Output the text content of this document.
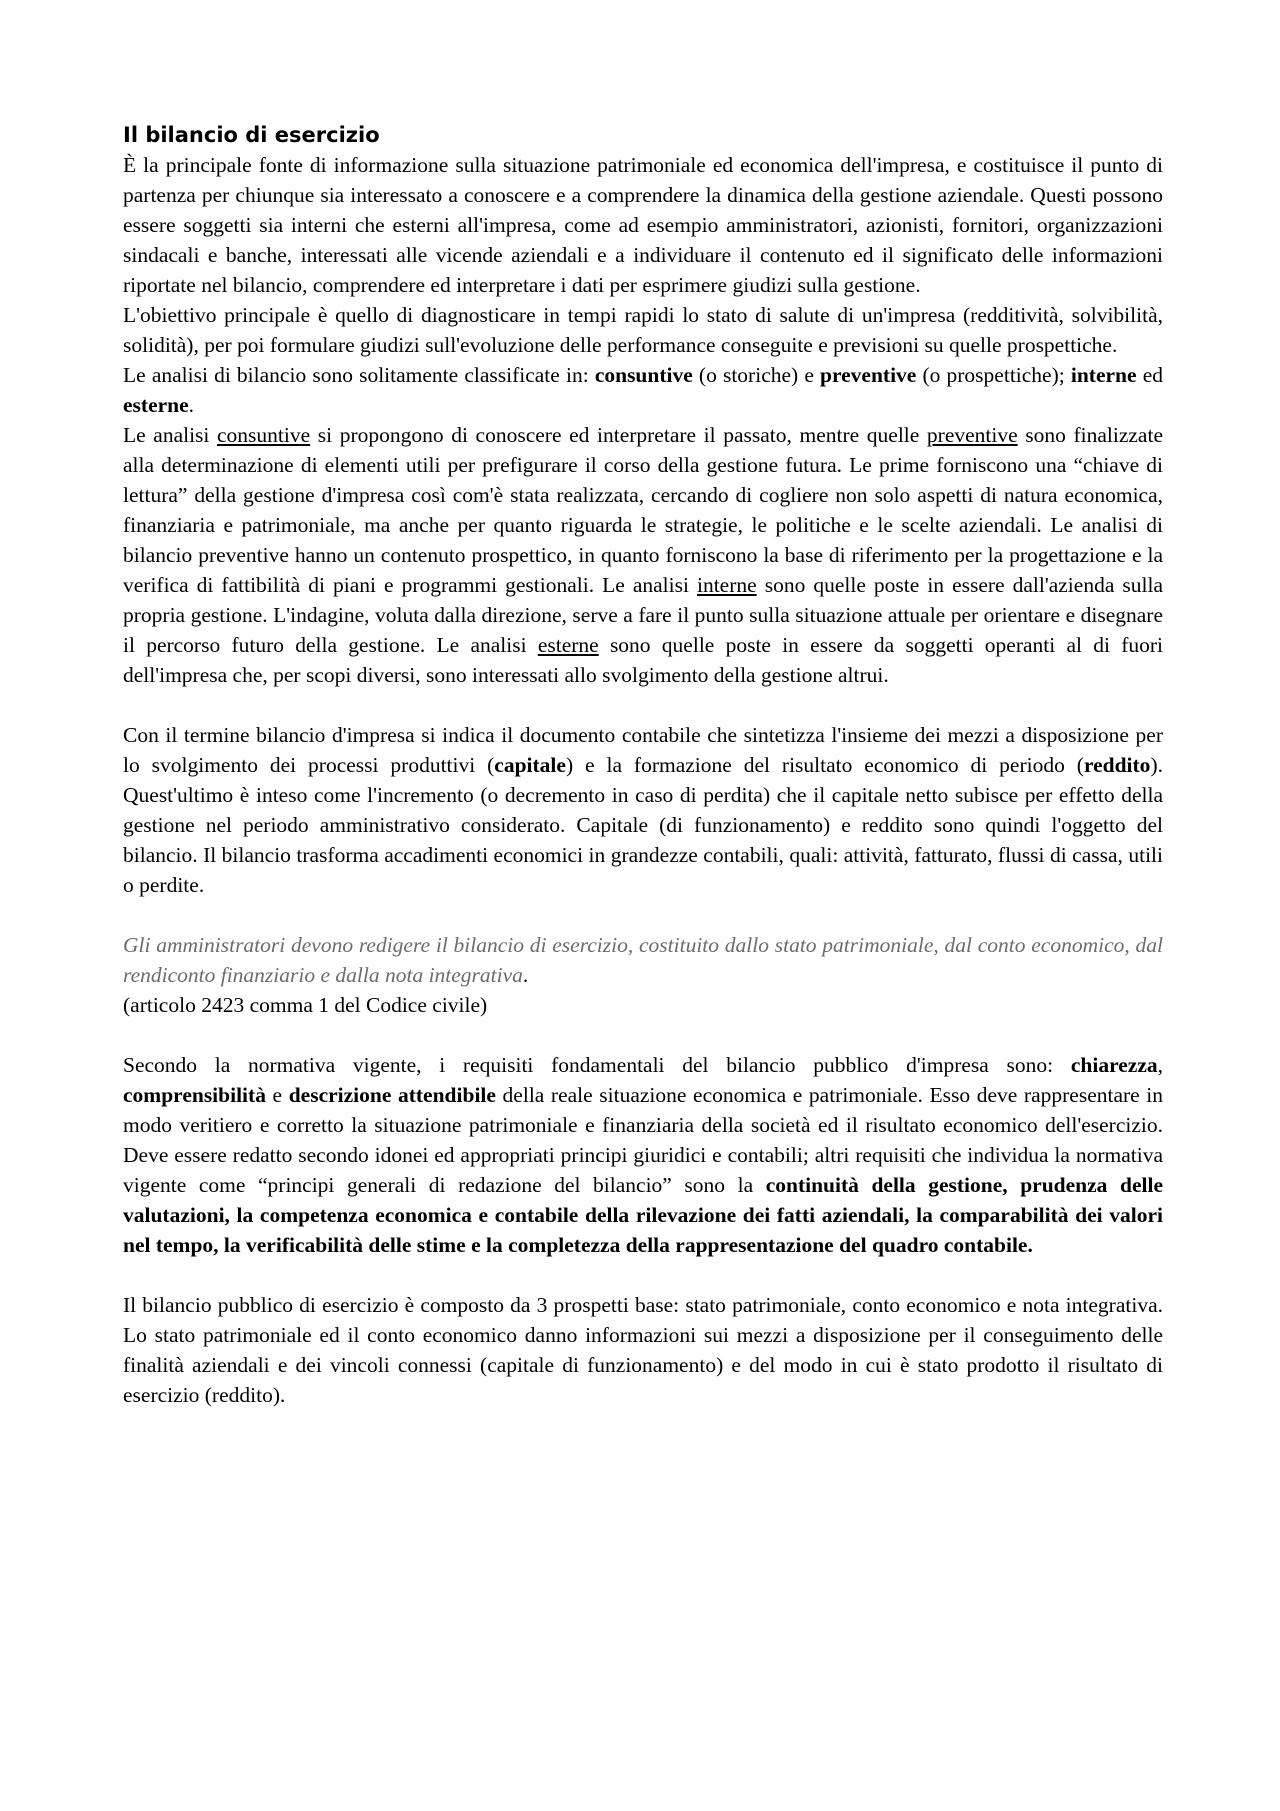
Il bilancio di esercizio

È la principale fonte di informazione sulla situazione patrimoniale ed economica dell'impresa, e costituisce il punto di partenza per chiunque sia interessato a conoscere e a comprendere la dinamica della gestione aziendale. Questi possono essere soggetti sia interni che esterni all'impresa, come ad esempio amministratori, azionisti, fornitori, organizzazioni sindacali e banche, interessati alle vicende aziendali e a individuare il contenuto ed il significato delle informazioni riportate nel bilancio, comprendere ed interpretare i dati per esprimere giudizi sulla gestione.

L'obiettivo principale è quello di diagnosticare in tempi rapidi lo stato di salute di un'impresa (redditività, solvibilità, solidità), per poi formulare giudizi sull'evoluzione delle performance conseguite e previsioni su quelle prospettiche.

Le analisi di bilancio sono solitamente classificate in: consuntive (o storiche) e preventive (o prospettiche); interne ed esterne.

Le analisi consuntive si propongono di conoscere ed interpretare il passato, mentre quelle preventive sono finalizzate alla determinazione di elementi utili per prefigurare il corso della gestione futura. Le prime forniscono una “chiave di lettura” della gestione d'impresa così com'è stata realizzata, cercando di cogliere non solo aspetti di natura economica, finanziaria e patrimoniale, ma anche per quanto riguarda le strategie, le politiche e le scelte aziendali. Le analisi di bilancio preventive hanno un contenuto prospettico, in quanto forniscono la base di riferimento per la progettazione e la verifica di fattibilità di piani e programmi gestionali. Le analisi interne sono quelle poste in essere dall'azienda sulla propria gestione. L'indagine, voluta dalla direzione, serve a fare il punto sulla situazione attuale per orientare e disegnare il percorso futuro della gestione. Le analisi esterne sono quelle poste in essere da soggetti operanti al di fuori dell'impresa che, per scopi diversi, sono interessati allo svolgimento della gestione altrui.

Con il termine bilancio d'impresa si indica il documento contabile che sintetizza l'insieme dei mezzi a disposizione per lo svolgimento dei processi produttivi (capitale) e la formazione del risultato economico di periodo (reddito). Quest'ultimo è inteso come l'incremento (o decremento in caso di perdita) che il capitale netto subisce per effetto della gestione nel periodo amministrativo considerato. Capitale (di funzionamento) e reddito sono quindi l'oggetto del bilancio. Il bilancio trasforma accadimenti economici in grandezze contabili, quali: attività, fatturato, flussi di cassa, utili o perdite.

Gli amministratori devono redigere il bilancio di esercizio, costituito dallo stato patrimoniale, dal conto economico, dal rendiconto finanziario e dalla nota integrativa.

(articolo 2423 comma 1 del Codice civile)

Secondo la normativa vigente, i requisiti fondamentali del bilancio pubblico d'impresa sono: chiarezza, comprensibilità e descrizione attendibile della reale situazione economica e patrimoniale. Esso deve rappresentare in modo veritiero e corretto la situazione patrimoniale e finanziaria della società ed il risultato economico dell'esercizio. Deve essere redatto secondo idonei ed appropriati principi giuridici e contabili; altri requisiti che individua la normativa vigente come “principi generali di redazione del bilancio” sono la continuità della gestione, prudenza delle valutazioni, la competenza economica e contabile della rilevazione dei fatti aziendali, la comparabilità dei valori nel tempo, la verificabilità delle stime e la completezza della rappresentazione del quadro contabile.

Il bilancio pubblico di esercizio è composto da 3 prospetti base: stato patrimoniale, conto economico e nota integrativa. Lo stato patrimoniale ed il conto economico danno informazioni sui mezzi a disposizione per il conseguimento delle finalità aziendali e dei vincoli connessi (capitale di funzionamento) e del modo in cui è stato prodotto il risultato di esercizio (reddito).
